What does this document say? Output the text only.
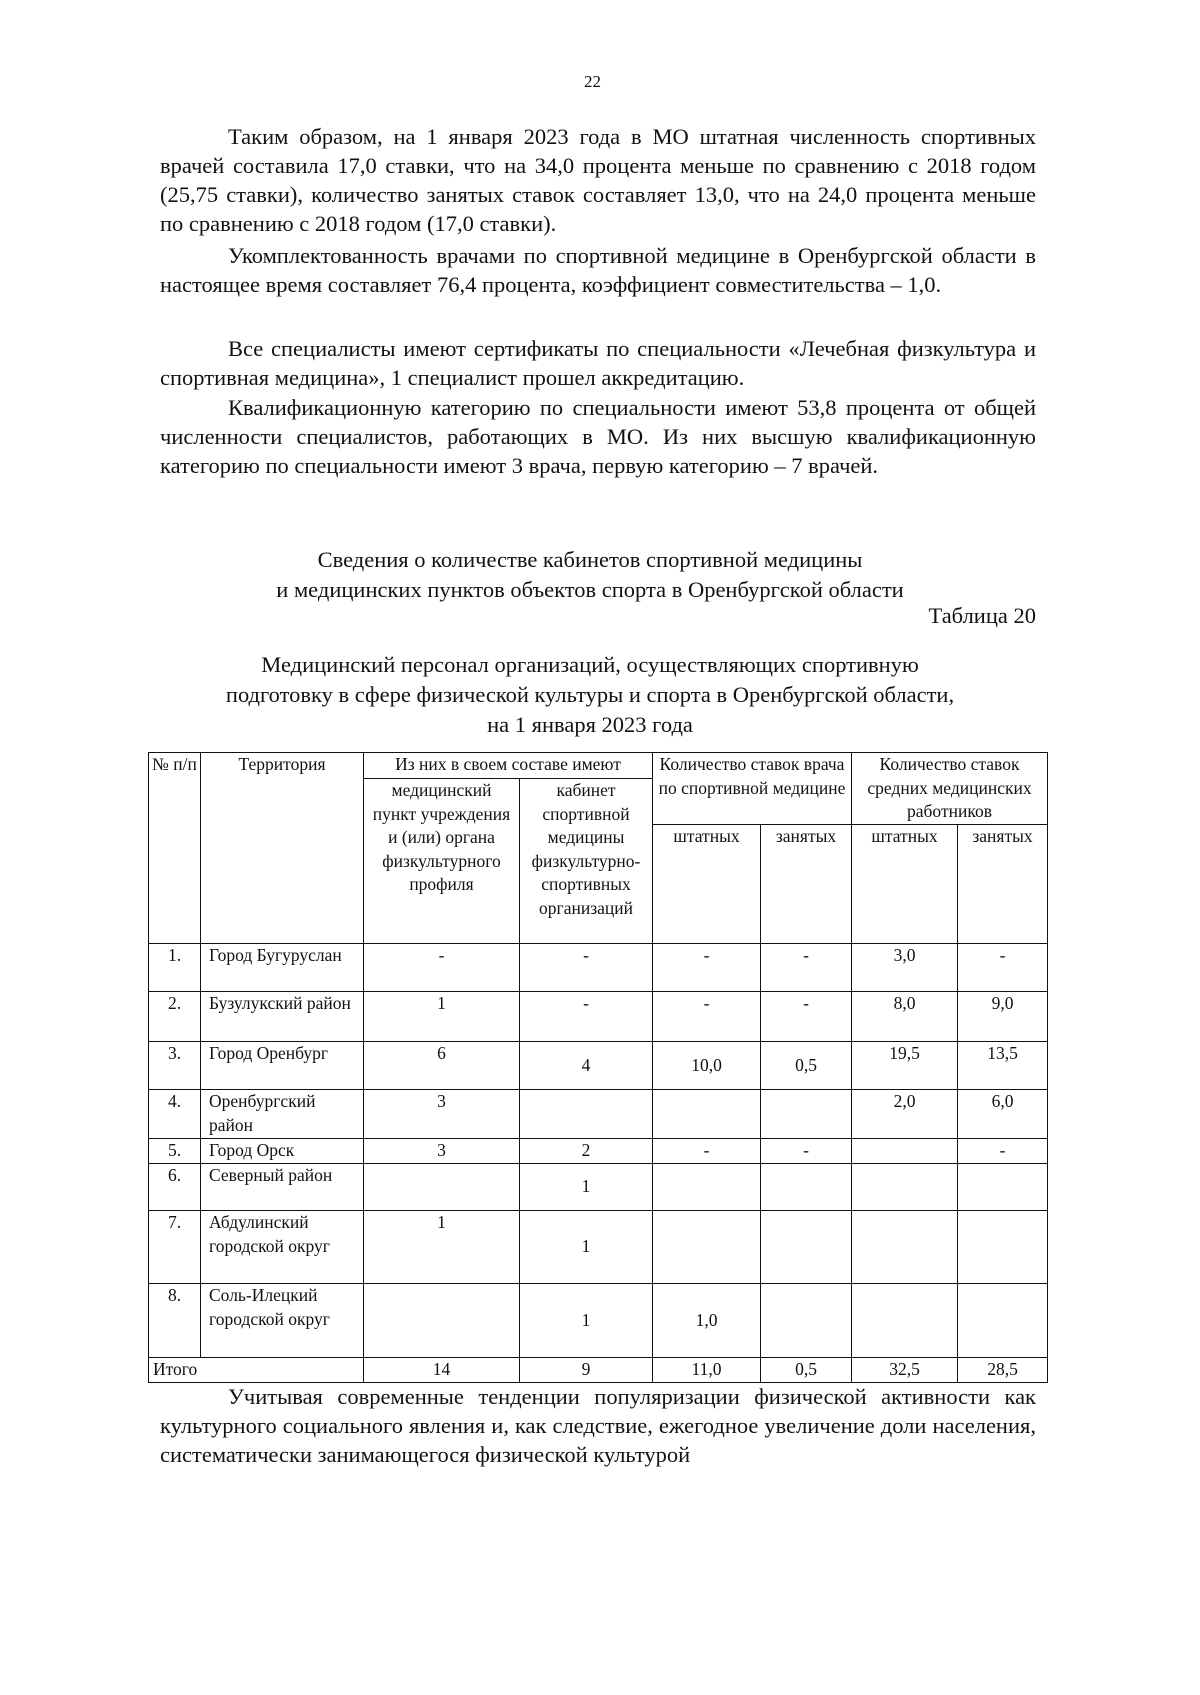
22

Таким образом, на 1 января 2023 года в МО штатная численность спортивных врачей составила 17,0 ставки, что на 34,0 процента меньше по сравнению с 2018 годом (25,75 ставки), количество занятых ставок составляет 13,0, что на 24,0 процента меньше по сравнению с 2018 годом (17,0 ставки).

Укомплектованность врачами по спортивной медицине в Оренбургской области в настоящее время составляет 76,4 процента, коэффициент совместительства – 1,0.

Все специалисты имеют сертификаты по специальности «Лечебная физкультура и спортивная медицина», 1 специалист прошел аккредитацию.

Квалификационную категорию по специальности имеют 53,8 процента от общей численности специалистов, работающих в МО. Из них высшую квалификационную категорию по специальности имеют 3 врача, первую категорию – 7 врачей.

Сведения о количестве кабинетов спортивной медицины
и медицинских пунктов объектов спорта в Оренбургской области
Таблица 20
Медицинский персонал организаций, осуществляющих спортивную
подготовку в сфере физической культуры и спорта в Оренбургской области,
на 1 января 2023 года
№ п/п	Территория	Из них в своем составе имеют		Количество ставок врача по спортивной медицине		Количество ставок средних медицинских работников	
		медицинский пункт учреждения и (или) органа физкультурного профиля	кабинет спортивной медицины физкультурно-спортивных организаций				
				штатных	занятых	штатных	занятых
1.	Город Бугуруслан	-	-	-	-	3,0	-
2.	Бузулукский район	1	-	-	-	8,0	9,0
3.	Город Оренбург	6	4	10,0	0,5	19,5	13,5
4.	Оренбургский район	3				2,0	6,0
5.	Город Орск	3	2	-	-		-
6.	Северный район		1				
7.	Абдулинский городской округ	1	1				
8.	Соль-Илецкий городской округ		1	1,0			
Итого		14	9	11,0	0,5	32,5	28,5

Учитывая современные тенденции популяризации физической активности как культурного социального явления и, как следствие, ежегодное увеличение доли населения, систематически занимающегося физической культурой
